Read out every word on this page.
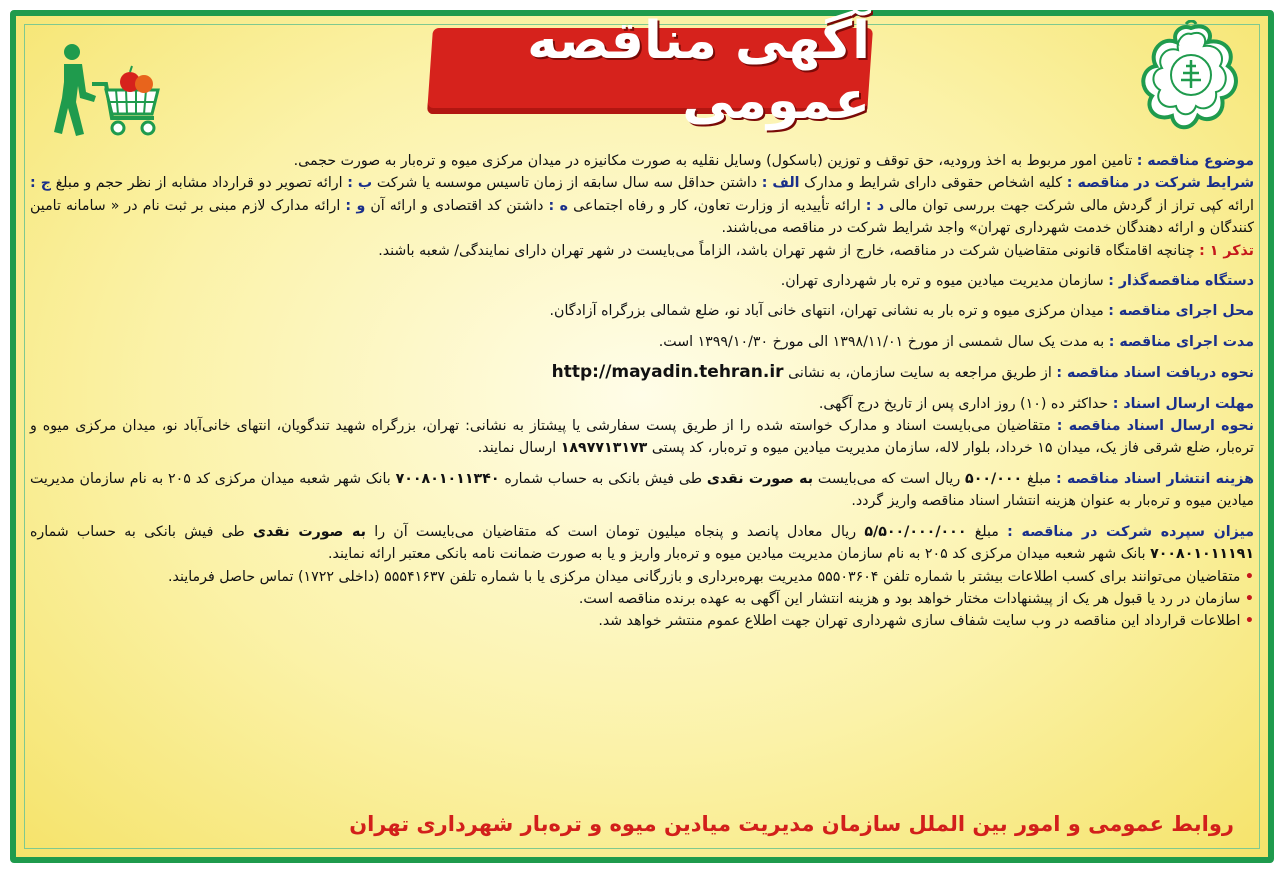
آگهی مناقصه عمومی

موضوع مناقصه : تامین امور مربوط به اخذ ورودیه، حق توقف و توزین (باسکول) وسایل نقلیه به صورت مکانیزه در میدان مرکزی میوه و تره‌بار به صورت حجمی.

شرایط شرکت در مناقصه : کلیه اشخاص حقوقی دارای شرایط و مدارک الف : داشتن حداقل سه سال سابقه از زمان تاسیس موسسه یا شرکت ب : ارائه تصویر دو قرارداد مشابه از نظر حجم و مبلغ ج : ارائه کپی تراز از گردش مالی شرکت جهت بررسی توان مالی د : ارائه تأییدیه از وزارت تعاون، کار و رفاه اجتماعی ه : داشتن کد اقتصادی و ارائه آن و : ارائه مدارک لازم مبنی بر ثبت نام در « سامانه تامین کنندگان و ارائه دهندگان خدمت شهرداری تهران» واجد شرایط شرکت در مناقصه می‌باشند.

تذکر ۱ : چنانچه اقامتگاه قانونی متقاضیان شرکت در مناقصه، خارج از شهر تهران باشد، الزاماً می‌بایست در شهر تهران دارای نمایندگی/ شعبه باشند.

دستگاه مناقصه‌گذار : سازمان مدیریت میادین میوه و تره بار شهرداری تهران.

محل اجرای مناقصه : میدان مرکزی میوه و تره بار به نشانی تهران، انتهای خانی آباد نو، ضلع شمالی بزرگراه آزادگان.

مدت اجرای مناقصه : به مدت یک سال شمسی از مورخ ۱۳۹۸/۱۱/۰۱ الی مورخ ۱۳۹۹/۱۰/۳۰ است.

نحوه دریافت اسناد مناقصه : از طریق مراجعه به سایت سازمان، به نشانی http://mayadin.tehran.ir

مهلت ارسال اسناد : حداکثر ده (۱۰) روز اداری پس از تاریخ درج آگهی.

نحوه ارسال اسناد مناقصه : متقاضیان می‌بایست اسناد و مدارک خواسته شده را از طریق پست سفارشی یا پیشتاز به نشانی: تهران، بزرگراه شهید تندگویان، انتهای خانی‌آباد نو، میدان مرکزی میوه و تره‌بار، ضلع شرقی فاز یک، میدان ۱۵ خرداد، بلوار لاله، سازمان مدیریت میادین میوه و تره‌بار، کد پستی ۱۸۹۷۷۱۳۱۷۳ ارسال نمایند.

هزینه انتشار اسناد مناقصه : مبلغ ۵۰۰/۰۰۰ ریال است که می‌بایست به صورت نقدی طی فیش بانکی به حساب شماره ۷۰۰۸۰۱۰۱۱۳۴۰ بانک شهر شعبه میدان مرکزی کد ۲۰۵ به نام سازمان مدیریت میادین میوه و تره‌بار به عنوان هزینه انتشار اسناد مناقصه واریز گردد.

میزان سپرده شرکت در مناقصه : مبلغ ۵/۵۰۰/۰۰۰/۰۰۰ ریال معادل پانصد و پنجاه میلیون تومان است که متقاضیان می‌بایست آن را به صورت نقدی طی فیش بانکی به حساب شماره ۷۰۰۸۰۱۰۱۱۱۹۱ بانک شهر شعبه میدان مرکزی کد ۲۰۵ به نام سازمان مدیریت میادین میوه و تره‌بار واریز و یا به صورت ضمانت نامه بانکی معتبر ارائه نمایند.

• متقاضیان می‌توانند برای کسب اطلاعات بیشتر با شماره تلفن ۵۵۵۰۳۶۰۴ مدیریت بهره‌برداری و بازرگانی میدان مرکزی یا با شماره تلفن ۵۵۵۴۱۶۳۷ (داخلی ۱۷۲۲) تماس حاصل فرمایند.
• سازمان در رد یا قبول هر یک از پیشنهادات مختار خواهد بود و هزینه انتشار این آگهی به عهده برنده مناقصه است.
• اطلاعات قرارداد این مناقصه در وب سایت شفاف سازی شهرداری تهران جهت اطلاع عموم منتشر خواهد شد.
روابط عمومی و امور بین الملل سازمان مدیریت میادین میوه و تره‌بار شهرداری تهران
